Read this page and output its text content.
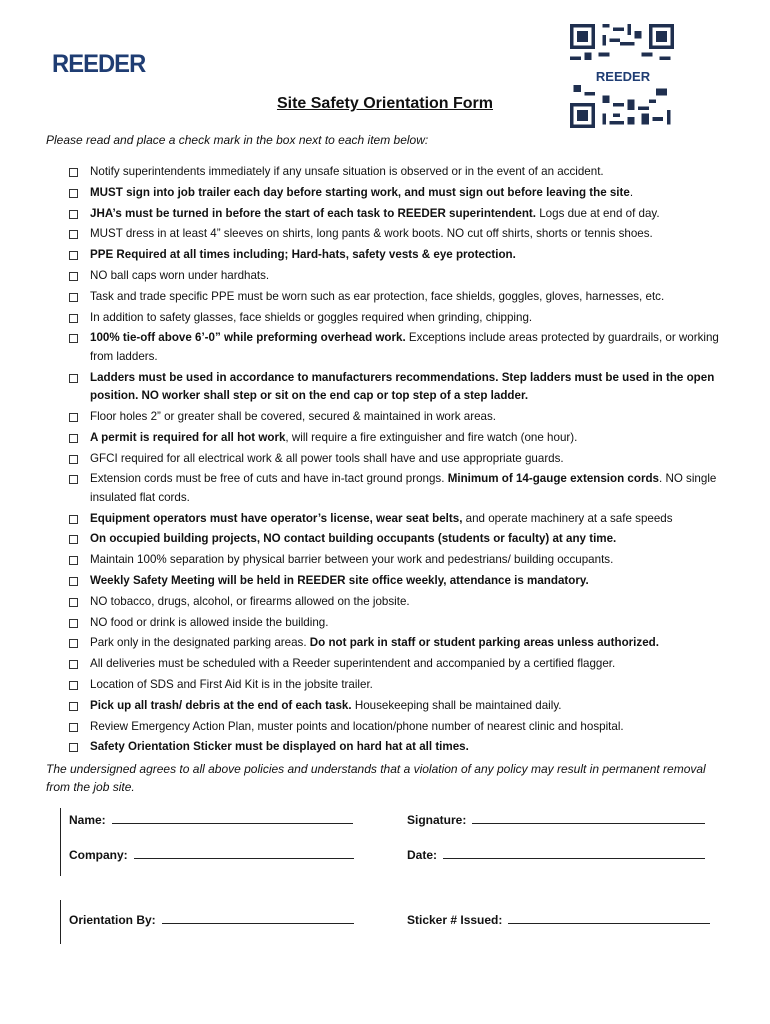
REEDER	REEDER
Site Safety Orientation Form
Please read and place a check mark in the box next to each item below:
Notify superintendents immediately if any unsafe situation is observed or in the event of an accident.
MUST sign into job trailer each day before starting work, and must sign out before leaving the site.
JHA’s must be turned in before the start of each task to REEDER superintendent. Logs due at end of day.
MUST dress in at least 4” sleeves on shirts, long pants & work boots. NO cut off shirts, shorts or tennis shoes.
PPE Required at all times including; Hard-hats, safety vests & eye protection.
NO ball caps worn under hardhats.
Task and trade specific PPE must be worn such as ear protection, face shields, goggles, gloves, harnesses, etc.
In addition to safety glasses, face shields or goggles required when grinding, chipping.
100% tie-off above 6’-0” while preforming overhead work. Exceptions include areas protected by guardrails, or working from ladders.
Ladders must be used in accordance to manufacturers recommendations. Step ladders must be used in the open position. NO worker shall step or sit on the end cap or top step of a step ladder.
Floor holes 2” or greater shall be covered, secured & maintained in work areas.
A permit is required for all hot work, will require a fire extinguisher and fire watch (one hour).
GFCI required for all electrical work & all power tools shall have and use appropriate guards.
Extension cords must be free of cuts and have in-tact ground prongs. Minimum of 14-gauge extension cords. NO single insulated flat cords.
Equipment operators must have operator’s license, wear seat belts, and operate machinery at a safe speeds
On occupied building projects, NO contact building occupants (students or faculty) at any time.
Maintain 100% separation by physical barrier between your work and pedestrians/ building occupants.
Weekly Safety Meeting will be held in REEDER site office weekly, attendance is mandatory.
NO tobacco, drugs, alcohol, or firearms allowed on the jobsite.
NO food or drink is allowed inside the building.
Park only in the designated parking areas. Do not park in staff or student parking areas unless authorized.
All deliveries must be scheduled with a Reeder superintendent and accompanied by a certified flagger.
Location of SDS and First Aid Kit is in the jobsite trailer.
Pick up all trash/ debris at the end of each task. Housekeeping shall be maintained daily.
Review Emergency Action Plan, muster points and location/phone number of nearest clinic and hospital.
Safety Orientation Sticker must be displayed on hard hat at all times.
The undersigned agrees to all above policies and understands that a violation of any policy may result in permanent removal from the job site.
Name:	Signature:
Company:	Date:
Orientation By:	Sticker # Issued:
